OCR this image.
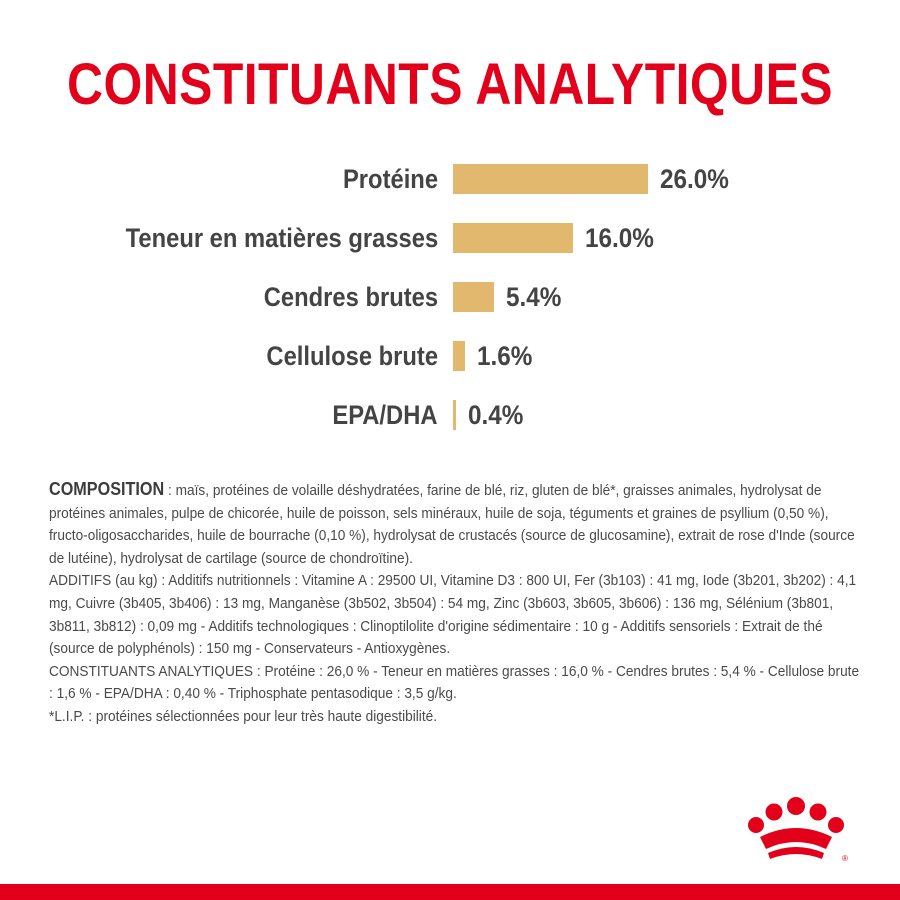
CONSTITUANTS ANALYTIQUES
Protéine	26.0%
Teneur en matières grasses	16.0%
Cendres brutes	5.4%
Cellulose brute 1.6%
EPA/DHA 0.4%

COMPOSITION : maïs, protéines de volaille déshydratées, farine de blé, riz, gluten de blé*, graisses animales, hydrolysat de protéines animales, pulpe de chicorée, huile de poisson, sels minéraux, huile de soja, téguments et graines de psyllium (0,50 %), fructo-oligosaccharides, huile de bourrache (0,10 %), hydrolysat de crustacés (source de glucosamine), extrait de rose d'Inde (source de lutéine), hydrolysat de cartilage (source de chondroïtine).

ADDITIFS (au kg) : Additifs nutritionnels : Vitamine A : 29500 UI, Vitamine D3 : 800 UI, Fer (3b103) : 41 mg, Iode (3b201, 3b202) : 4,1 mg, Cuivre (3b405, 3b406) : 13 mg, Manganèse (3b502, 3b504) : 54 mg, Zinc (3b603, 3b605, 3b606) : 136 mg, Sélénium (3b801, 3b811, 3b812) : 0,09 mg - Additifs technologiques : Clinoptilolite d'origine sédimentaire : 10 g - Additifs sensoriels : Extrait de thé (source de polyphénols) : 150 mg - Conservateurs - Antioxygènes.

CONSTITUANTS ANALYTIQUES : Protéine : 26,0 % - Teneur en matières grasses : 16,0 % - Cendres brutes : 5,4 % - Cellulose brute : 1,6 % - EPA/DHA : 0,40 % - Triphosphate pentasodique : 3,5 g/kg.

*L.I.P. : protéines sélectionnées pour leur très haute digestibilité.

®
